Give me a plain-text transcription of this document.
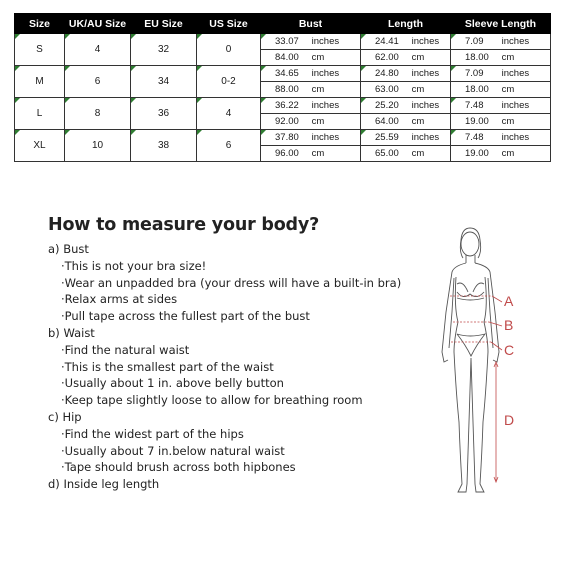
Size	UK/AU Size	EU Size	US Size	Bust	Length	Sleeve Length
S	4	32	0	33.07 inches	24.41 inches	7.09 inches
				84.00 cm	62.00 cm	18.00 cm
M	6	34	0-2	34.65 inches	24.80 inches	7.09 inches
				88.00 cm	63.00 cm	18.00 cm
L	8	36	4	36.22 inches	25.20 inches	7.48 inches
				92.00 cm	64.00 cm	19.00 cm
XL	10	38	6	37.80 inches	25.59 inches	7.48 inches
				96.00 cm	65.00 cm	19.00 cm
How to measure your body?
a) Bust
·This is not your bra size!
·Wear an unpadded bra (your dress will have a built-in bra)
·Relax arms at sides
·Pull tape across the fullest part of the bust
b) Waist
·Find the natural waist
·This is the smallest part of the waist
·Usually about 1 in. above belly button
·Keep tape slightly loose to allow for breathing room
c) Hip
·Find the widest part of the hips
·Usually about 7 in.below natural waist
·Tape should brush across both hipbones
d) Inside leg length
A
B
C
D
